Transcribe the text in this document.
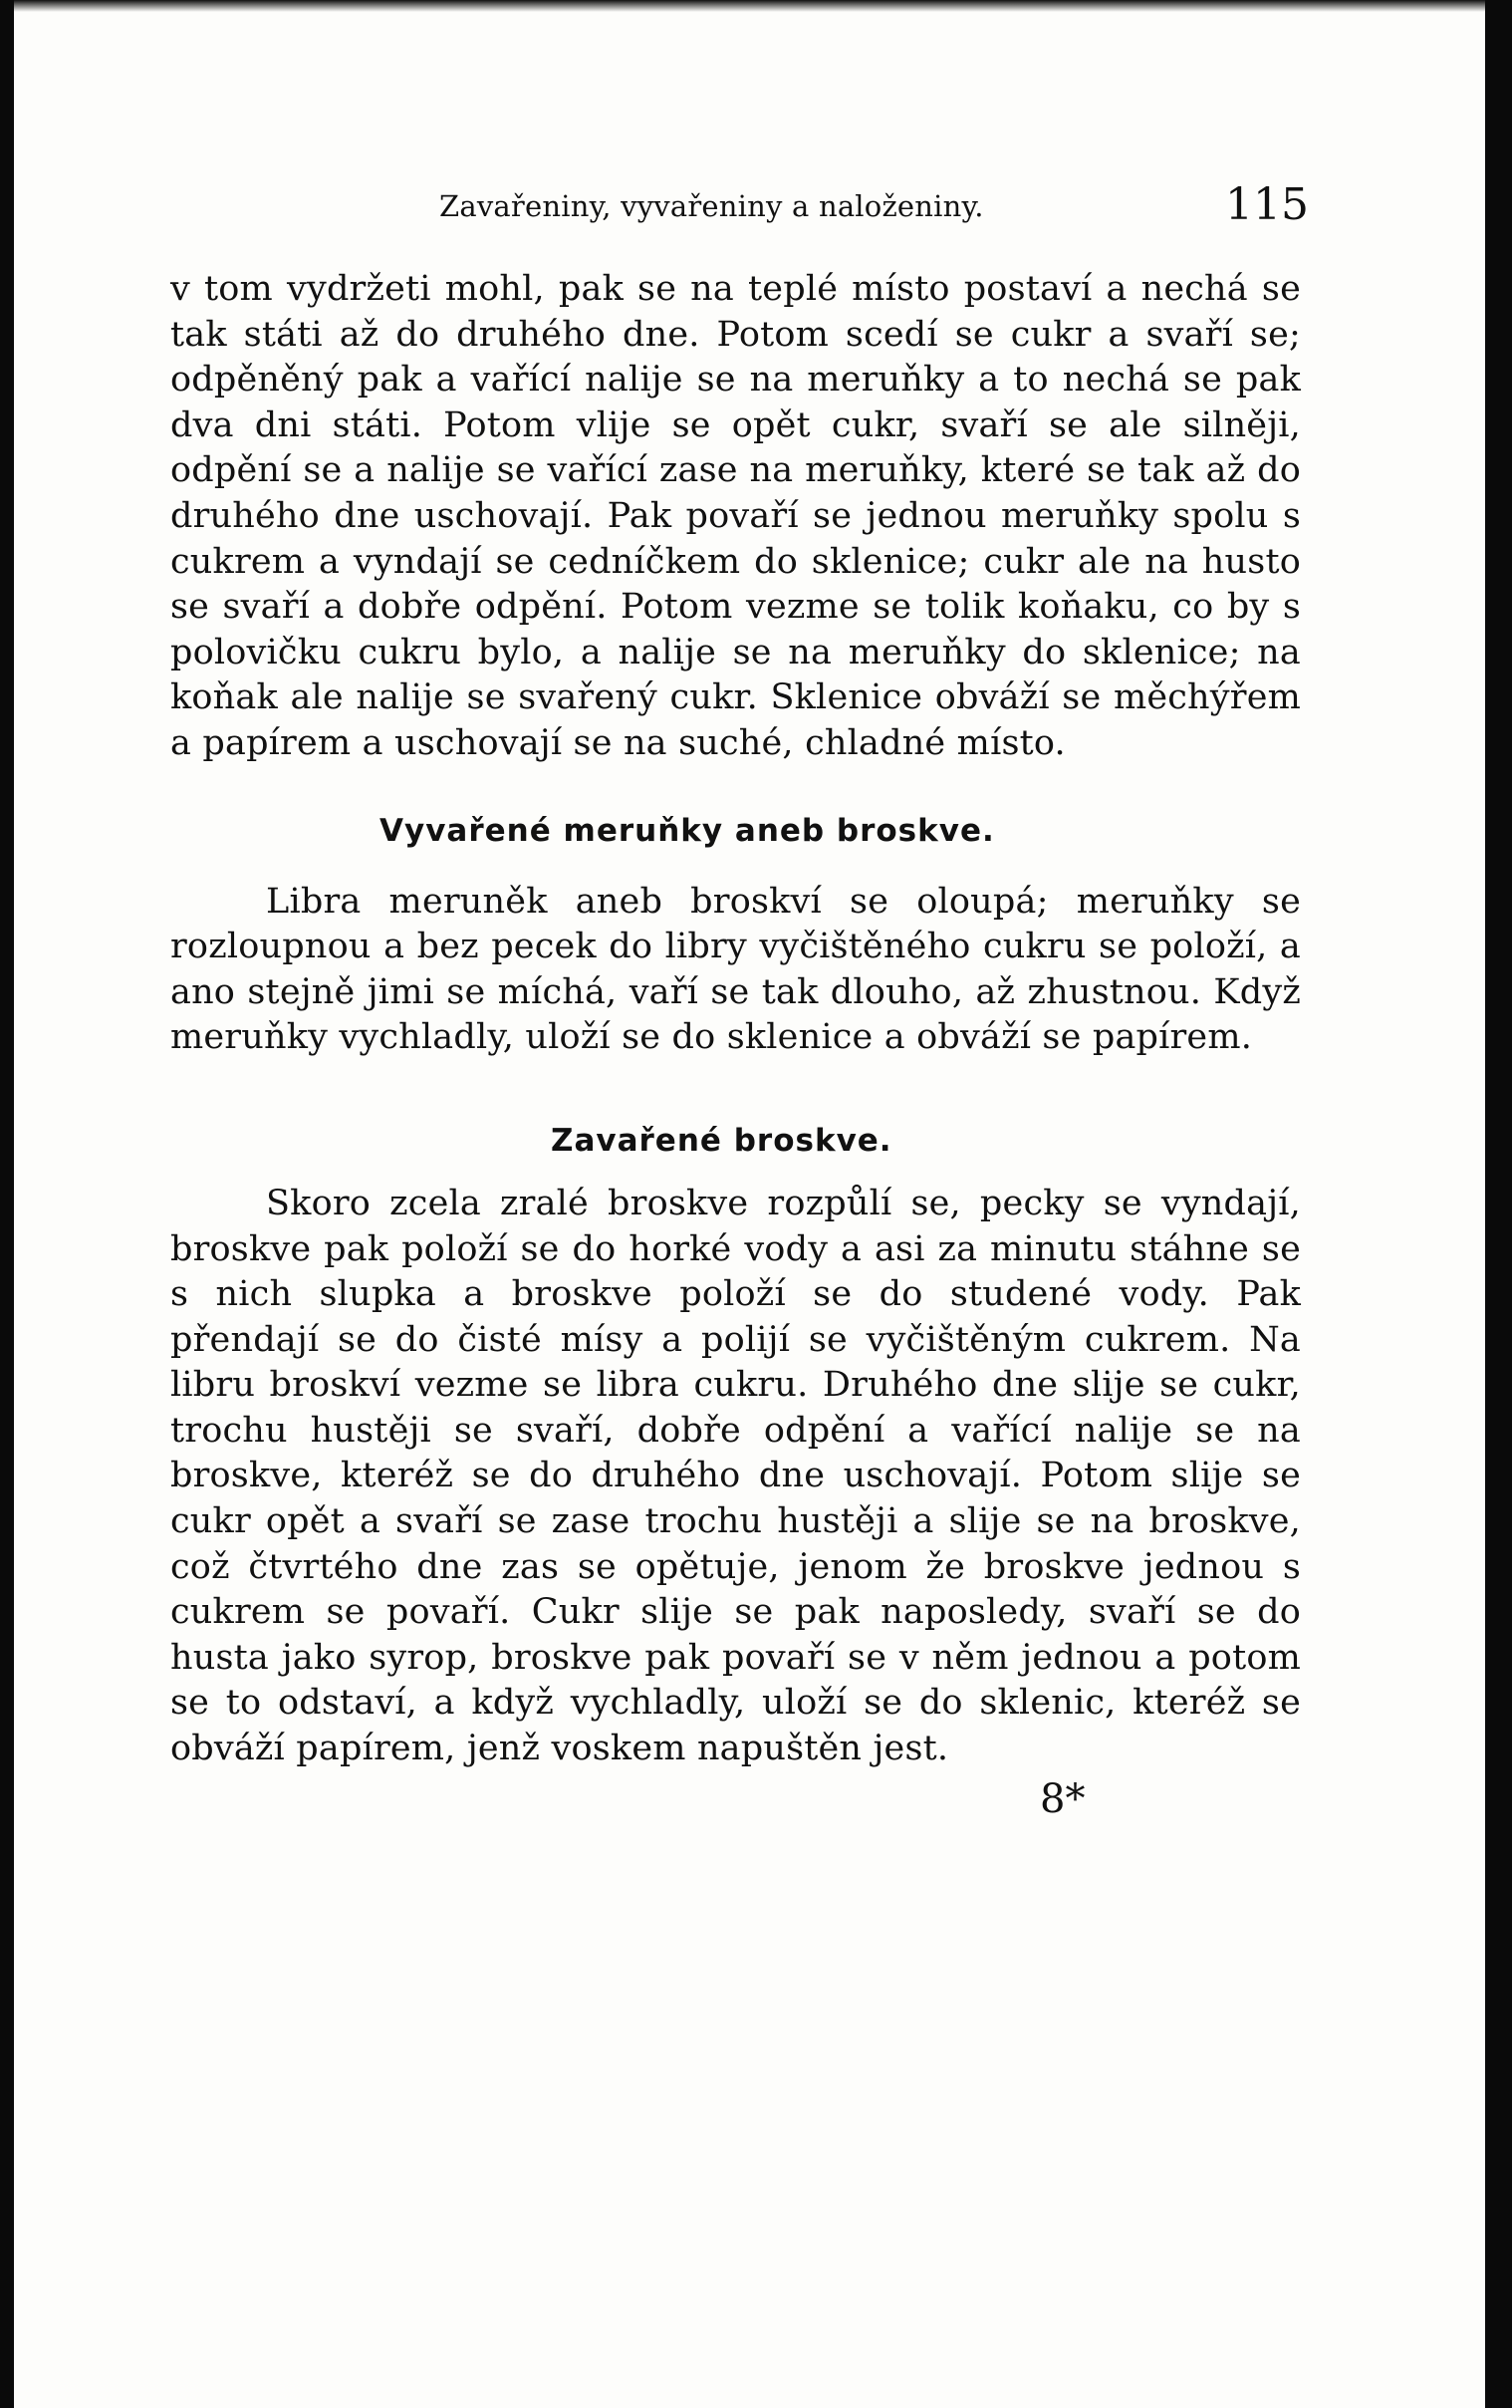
Zavařeniny, vyvařeniny a naloženiny.	115

v tom vydržeti mohl, pak se na teplé místo postaví a nechá se tak státi až do druhého dne. Potom scedí se cukr a svaří se; odpěněný pak a vařící nalije se na meruňky a to nechá se pak dva dni státi. Potom vlije se opět cukr, svaří se ale silněji, odpění se a nalije se vařící zase na meruňky, které se tak až do druhého dne uschovají. Pak povaří se jednou meruňky spolu s cukrem a vyndají se cedníčkem do sklenice; cukr ale na husto se svaří a dobře odpění. Potom vezme se tolik koňaku, co by s polovičku cukru bylo, a nalije se na meruňky do sklenice; na koňak ale nalije se svařený cukr. Sklenice obváží se měchýřem a papírem a uschovají se na suché, chladné místo.

Vyvařené meruňky aneb broskve.

Libra meruněk aneb broskví se oloupá; meruňky se rozloupnou a bez pecek do libry vyčištěného cukru se položí, a ano stejně jimi se míchá, vaří se tak dlouho, až zhustnou. Když meruňky vychladly, uloží se do sklenice a obváží se papírem.

Zavařené broskve.

Skoro zcela zralé broskve rozpůlí se, pecky se vyndají, broskve pak položí se do horké vody a asi za minutu stáhne se s nich slupka a broskve položí se do studené vody. Pak přendají se do čisté mísy a polijí se vyčištěným cukrem. Na libru broskví vezme se libra cukru. Druhého dne slije se cukr, trochu hustěji se svaří, dobře odpění a vařící nalije se na broskve, kteréž se do druhého dne uschovají. Potom slije se cukr opět a svaří se zase trochu hustěji a slije se na broskve, což čtvrtého dne zas se opětuje, jenom že broskve jednou s cukrem se povaří. Cukr slije se pak naposledy, svaří se do husta jako syrop, broskve pak povaří se v něm jednou a potom se to odstaví, a když vychladly, uloží se do sklenic, kteréž se obváží papírem, jenž voskem napuštěn jest.

8*
